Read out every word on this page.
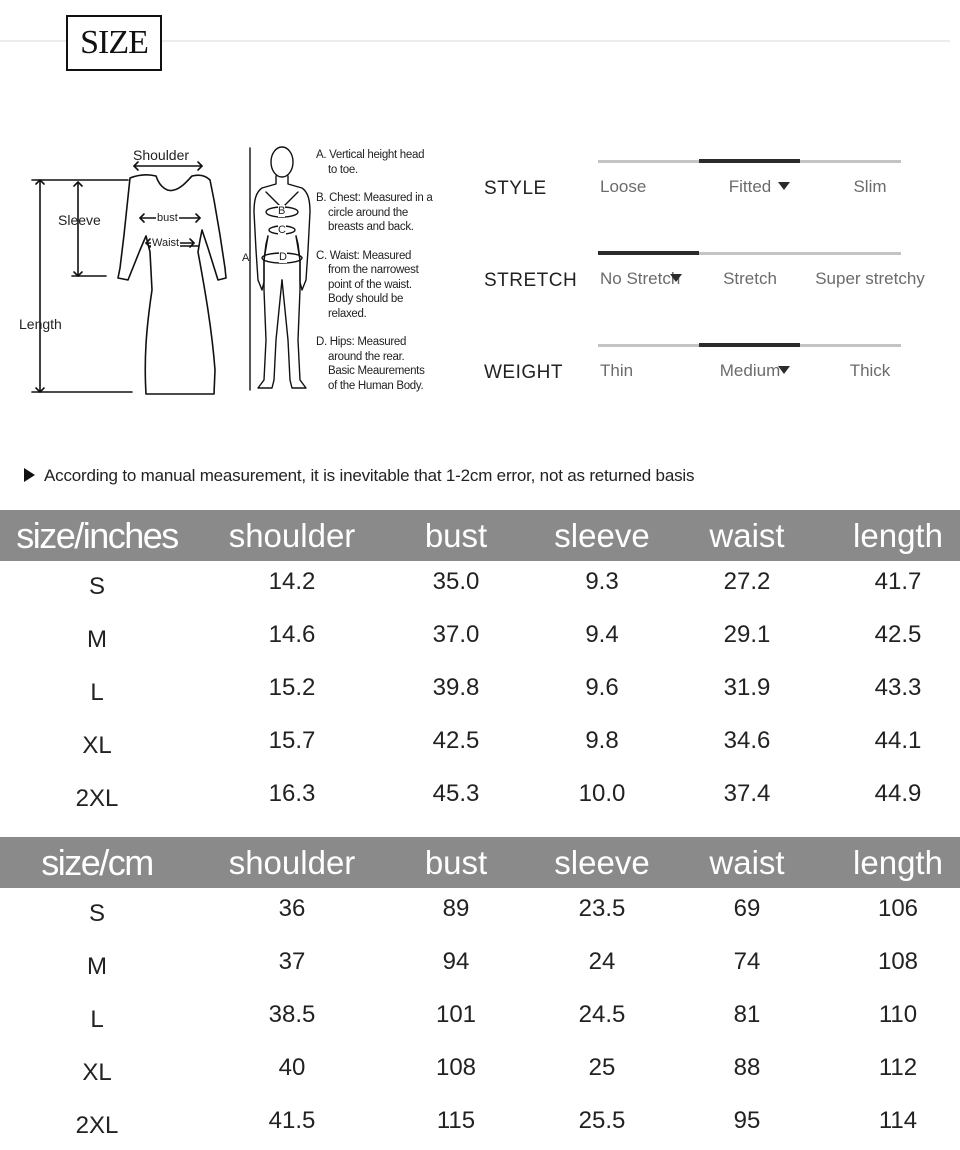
SIZE
Shoulder
Sleeve
Length
bust
Waist
B
C
A	D
A. Vertical height head
to toe.
B. Chest: Measured in a
circle around the
breasts and back.
C. Waist: Measured
from the narrowest
point of the waist.
Body should be
relaxed.
D. Hips: Measured
around the rear.
Basic Meaurements
of the Human Body.
STYLE	Loose	Fitted	Slim
STRETCH No Stretch	Stretch Super stretchy
WEIGHT Thin	Medium	Thick
According to manual measurement, it is inevitable that 1-2cm error, not as returned basis
size/inches shoulder bust sleeve waist length
S	14.2	35.0	9.3	27.2	41.7
M	14.6	37.0	9.4	29.1	42.5
L	15.2	39.8	9.6	31.9	43.3
XL	15.7	42.5	9.8	34.6	44.1
2XL	16.3	45.3	10.0	37.4	44.9
size/cm shoulder bust sleeve waist length
S	36	89	23.5	69	106
M	37	94	24	74	108
L	38.5	101	24.5	81	110
XL	40	108	25	88	112
2XL	41.5	115	25.5	95	114
